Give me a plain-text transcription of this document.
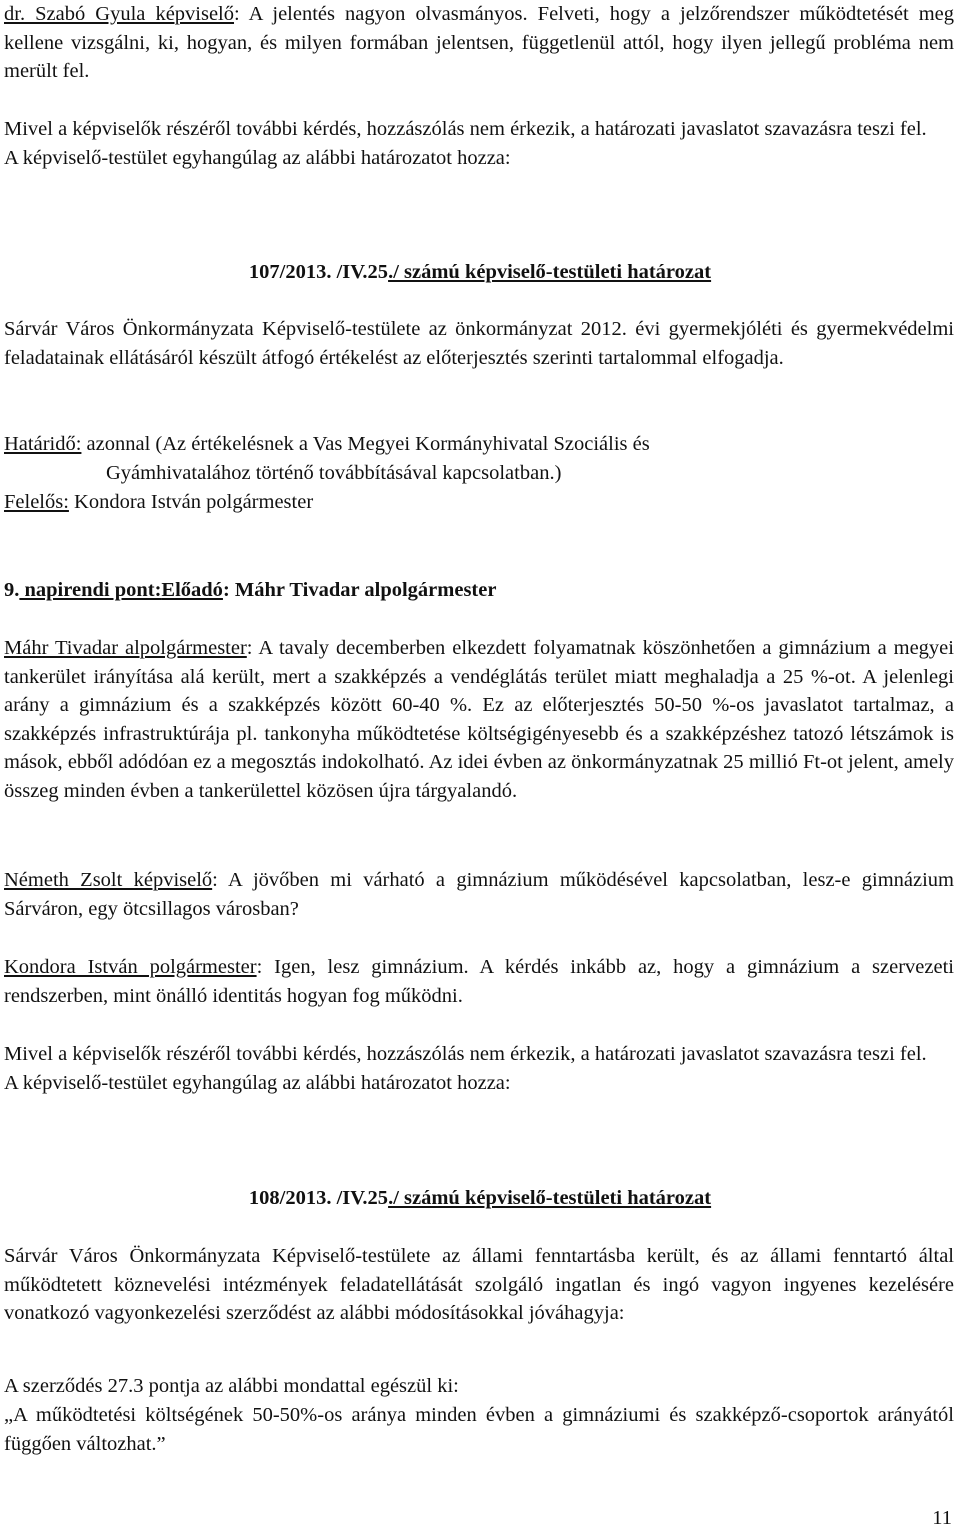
dr. Szabó Gyula képviselő: A jelentés nagyon olvasmányos. Felveti, hogy a jelzőrendszer működtetését meg kellene vizsgálni, ki, hogyan, és milyen formában jelentsen, függetlenül attól, hogy ilyen jellegű probléma nem merült fel.

Mivel a képviselők részéről további kérdés, hozzászólás nem érkezik, a határozati javaslatot szavazásra teszi fel.
A képviselő-testület egyhangúlag az alábbi határozatot hozza:

107/2013. /IV.25./ számú képviselő-testületi határozat

Sárvár Város Önkormányzata Képviselő-testülete az önkormányzat 2012. évi gyermekjóléti és gyermekvédelmi feladatainak ellátásáról készült átfogó értékelést az előterjesztés szerinti tartalommal elfogadja.

Határidő: azonnal (Az értékelésnek a Vas Megyei Kormányhivatal Szociális és
Gyámhivatalához történő továbbításával kapcsolatban.)

Felelős: Kondora István polgármester

9. napirendi pont:Előadó: Máhr Tivadar alpolgármester

Máhr Tivadar alpolgármester: A tavaly decemberben elkezdett folyamatnak köszönhetően a gimnázium a megyei tankerület irányítása alá került, mert a szakképzés a vendéglátás terület miatt meghaladja a 25 %-ot. A jelenlegi arány a gimnázium és a szakképzés között 60-40 %. Ez az előterjesztés 50-50 %-os javaslatot tartalmaz, a szakképzés infrastruktúrája pl. tankonyha működtetése költségigényesebb és a szakképzéshez tatozó létszámok is mások, ebből adódóan ez a megosztás indokolható. Az idei évben az önkormányzatnak 25 millió Ft-ot jelent, amely összeg minden évben a tankerülettel közösen újra tárgyalandó.

Németh Zsolt képviselő: A jövőben mi várható a gimnázium működésével kapcsolatban, lesz-e gimnázium Sárváron, egy ötcsillagos városban?

Kondora István polgármester: Igen, lesz gimnázium. A kérdés inkább az, hogy a gimnázium a szervezeti rendszerben, mint önálló identitás hogyan fog működni.

Mivel a képviselők részéről további kérdés, hozzászólás nem érkezik, a határozati javaslatot szavazásra teszi fel.
A képviselő-testület egyhangúlag az alábbi határozatot hozza:

108/2013. /IV.25./ számú képviselő-testületi határozat

Sárvár Város Önkormányzata Képviselő-testülete az állami fenntartásba került, és az állami fenntartó által működtetett köznevelési intézmények feladatellátását szolgáló ingatlan és ingó vagyon ingyenes kezelésére vonatkozó vagyonkezelési szerződést az alábbi módosításokkal jóváhagyja:

A szerződés 27.3 pontja az alábbi mondattal egészül ki:

„A működtetési költségének 50-50%-os aránya minden évben a gimnáziumi és szakképző-csoportok arányától függően változhat.”

11
